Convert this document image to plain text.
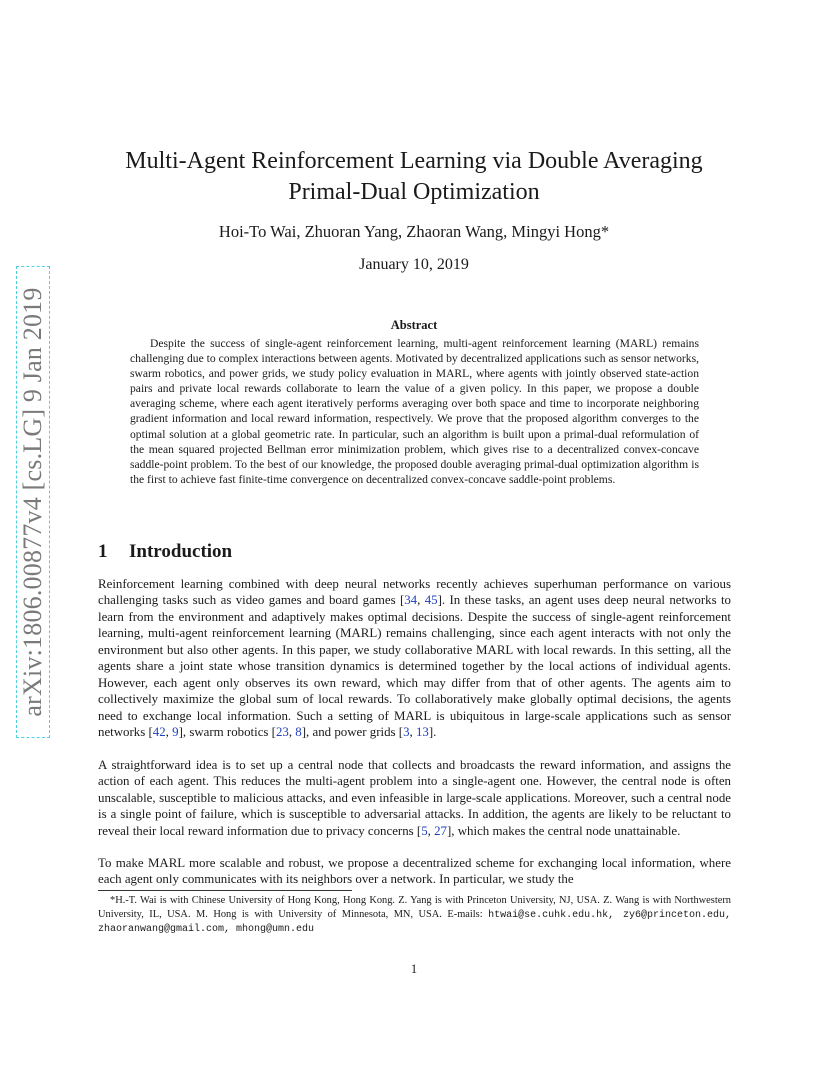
arXiv:1806.00877v4 [cs.LG] 9 Jan 2019
Multi-Agent Reinforcement Learning via Double Averaging
Primal-Dual Optimization
Hoi-To Wai, Zhuoran Yang, Zhaoran Wang, Mingyi Hong*
January 10, 2019
Abstract

Despite the success of single-agent reinforcement learning, multi-agent reinforcement learning (MARL) remains challenging due to complex interactions between agents. Motivated by decentralized applications such as sensor networks, swarm robotics, and power grids, we study policy evaluation in MARL, where agents with jointly observed state-action pairs and private local rewards collaborate to learn the value of a given policy. In this paper, we propose a double averaging scheme, where each agent iteratively performs averaging over both space and time to incorporate neighboring gradient information and local reward information, respectively. We prove that the proposed algorithm converges to the optimal solution at a global geometric rate. In particular, such an algorithm is built upon a primal-dual reformulation of the mean squared projected Bellman error minimization problem, which gives rise to a decentralized convex-concave saddle-point problem. To the best of our knowledge, the proposed double averaging primal-dual optimization algorithm is the first to achieve fast finite-time convergence on decentralized convex-concave saddle-point problems.

1 Introduction

Reinforcement learning combined with deep neural networks recently achieves superhuman performance on various challenging tasks such as video games and board games [34, 45]. In these tasks, an agent uses deep neural networks to learn from the environment and adaptively makes optimal decisions. Despite the success of single-agent reinforcement learning, multi-agent reinforcement learning (MARL) remains challenging, since each agent interacts with not only the environment but also other agents. In this paper, we study collaborative MARL with local rewards. In this setting, all the agents share a joint state whose transition dynamics is determined together by the local actions of individual agents. However, each agent only observes its own reward, which may differ from that of other agents. The agents aim to collectively maximize the global sum of local rewards. To collaboratively make globally optimal decisions, the agents need to exchange local information. Such a setting of MARL is ubiquitous in large-scale applications such as sensor networks [42, 9], swarm robotics [23, 8], and power grids [3, 13].

A straightforward idea is to set up a central node that collects and broadcasts the reward information, and assigns the action of each agent. This reduces the multi-agent problem into a single-agent one. However, the central node is often unscalable, susceptible to malicious attacks, and even infeasible in large-scale applications. Moreover, such a central node is a single point of failure, which is susceptible to adversarial attacks. In addition, the agents are likely to be reluctant to reveal their local reward information due to privacy concerns [5, 27], which makes the central node unattainable.

To make MARL more scalable and robust, we propose a decentralized scheme for exchanging local information, where each agent only communicates with its neighbors over a network. In particular, we study the

*H.-T. Wai is with Chinese University of Hong Kong, Hong Kong. Z. Yang is with Princeton University, NJ, USA. Z. Wang is with Northwestern University, IL, USA. M. Hong is with University of Minnesota, MN, USA. E-mails: htwai@se.cuhk.edu.hk, zy6@princeton.edu, zhaoranwang@gmail.com, mhong@umn.edu

1
